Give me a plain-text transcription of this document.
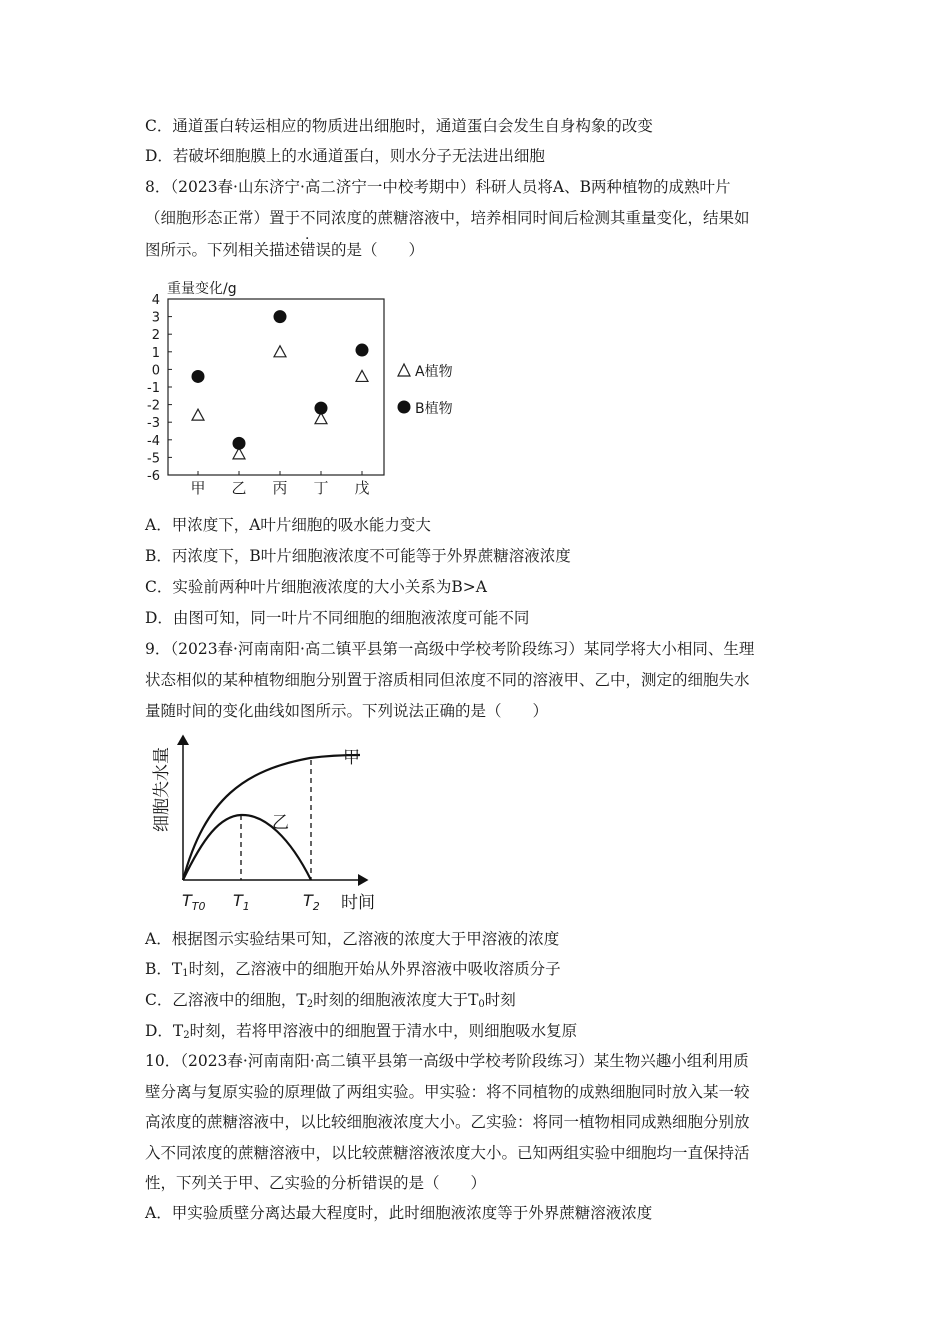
C．通道蛋白转运相应的物质进出细胞时，通道蛋白会发生自身构象的改变
D．若破坏细胞膜上的水通道蛋白，则水分子无法进出细胞
8．（2023春·山东济宁·高二济宁一中校考期中）科研人员将A、B两种植物的成熟叶片
（细胞形态正常）置于不同浓度的蔗糖溶液中，培养相同时间后检测其重量变化，结果如
图所示。下列相关描述错误的是（　　）
重量变化/g
4
3
2
1
0
-1
-2
-3
-4
-5
-6
甲 乙 丙 丁 戊
A植物
B植物
A．甲浓度下，A叶片细胞的吸水能力变大
B．丙浓度下，B叶片细胞液浓度不可能等于外界蔗糖溶液浓度
C．实验前两种叶片细胞液浓度的大小关系为B>A
D．由图可知，同一叶片不同细胞的细胞液浓度可能不同
9．（2023春·河南南阳·高二镇平县第一高级中学校考阶段练习）某同学将大小相同、生理
状态相似的某种植物细胞分别置于溶质相同但浓度不同的溶液甲、乙中，测定的细胞失水
量随时间的变化曲线如图所示。下列说法正确的是（　　）
细胞失水量
时间
甲
乙
$T_{T0}$ $T_1$	$T_2$
A．根据图示实验结果可知，乙溶液的浓度大于甲溶液的浓度
B．$T_1$时刻，乙溶液中的细胞开始从外界溶液中吸收溶质分子
C．乙溶液中的细胞，$T_2$时刻的细胞液浓度大于$T_0$时刻
D．$T_2$时刻，若将甲溶液中的细胞置于清水中，则细胞吸水复原
10．（2023春·河南南阳·高二镇平县第一高级中学校考阶段练习）某生物兴趣小组利用质
壁分离与复原实验的原理做了两组实验。甲实验：将不同植物的成熟细胞同时放入某一较
高浓度的蔗糖溶液中，以比较细胞液浓度大小。乙实验：将同一植物相同成熟细胞分别放
入不同浓度的蔗糖溶液中，以比较蔗糖溶液浓度大小。已知两组实验中细胞均一直保持活
性，下列关于甲、乙实验的分析错误的是（　　）
A．甲实验质壁分离达最大程度时，此时细胞液浓度等于外界蔗糖溶液浓度
